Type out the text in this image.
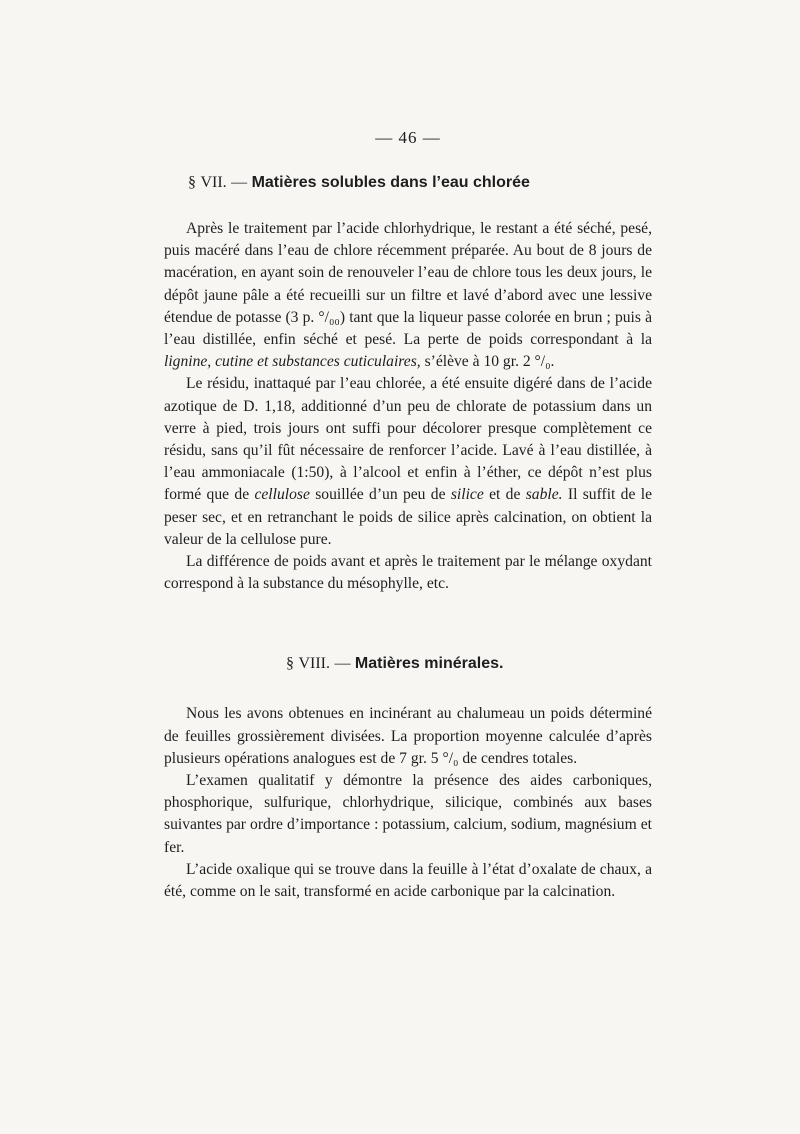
— 46 —
§ VII. — Matières solubles dans l’eau chlorée

Après le traitement par l’acide chlorhydrique, le restant a été séché, pesé, puis macéré dans l’eau de chlore récemment préparée. Au bout de 8 jours de macération, en ayant soin de renouveler l’eau de chlore tous les deux jours, le dépôt jaune pâle a été recueilli sur un filtre et lavé d’abord avec une lessive étendue de potasse (3 p. °/₀₀) tant que la liqueur passe colorée en brun ; puis à l’eau distillée, enfin séché et pesé. La perte de poids correspondant à la lignine, cutine et substances cuticulaires, s’élève à 10 gr. 2 °/₀.

Le résidu, inattaqué par l’eau chlorée, a été ensuite digéré dans de l’acide azotique de D. 1,18, additionné d’un peu de chlorate de potassium dans un verre à pied, trois jours ont suffi pour décolorer presque complètement ce résidu, sans qu’il fût nécessaire de renforcer l’acide. Lavé à l’eau distillée, à l’eau ammoniacale (1:50), à l’alcool et enfin à l’éther, ce dépôt n’est plus formé que de cellulose souillée d’un peu de silice et de sable. Il suffit de le peser sec, et en retranchant le poids de silice après calcination, on obtient la valeur de la cellulose pure.

La différence de poids avant et après le traitement par le mélange oxydant correspond à la substance du mésophylle, etc.

§ VIII. — Matières minérales.

Nous les avons obtenues en incinérant au chalumeau un poids déterminé de feuilles grossièrement divisées. La proportion moyenne calculée d’après plusieurs opérations analogues est de 7 gr. 5 °/₀ de cendres totales.

L’examen qualitatif y démontre la présence des aides carboniques, phosphorique, sulfurique, chlorhydrique, silicique, combinés aux bases suivantes par ordre d’importance : potassium, calcium, sodium, magnésium et fer.

L’acide oxalique qui se trouve dans la feuille à l’état d’oxalate de chaux, a été, comme on le sait, transformé en acide carbonique par la calcination.
